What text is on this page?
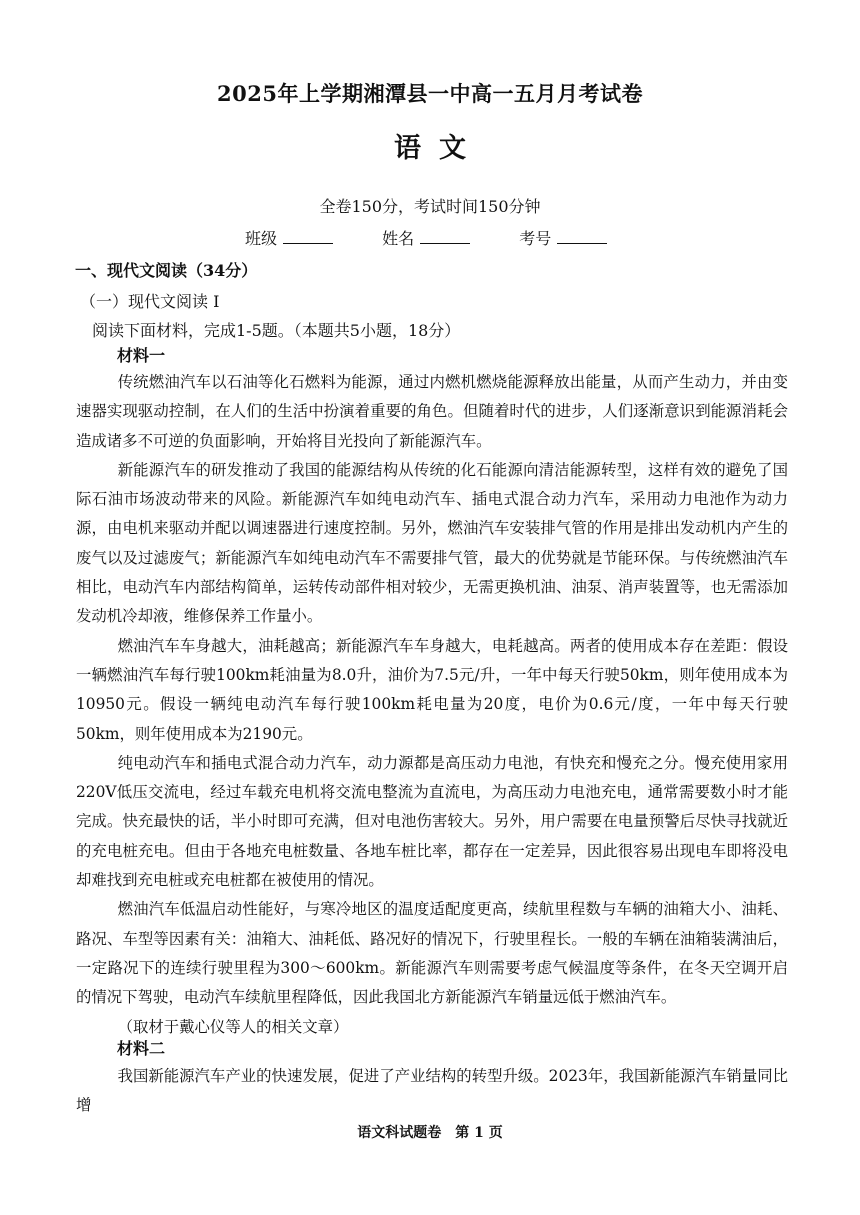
2025年上学期湘潭县一中高一五月月考试卷
语文
全卷150分，考试时间150分钟
班级	姓名	考号
一、现代文阅读（34分）
（一）现代文阅读 I
阅读下面材料，完成1-5题。（本题共5小题，18分）
材料一

传统燃油汽车以石油等化石燃料为能源，通过内燃机燃烧能源释放出能量，从而产生动力，并由变速器实现驱动控制，在人们的生活中扮演着重要的角色。但随着时代的进步，人们逐渐意识到能源消耗会造成诸多不可逆的负面影响，开始将目光投向了新能源汽车。

新能源汽车的研发推动了我国的能源结构从传统的化石能源向清洁能源转型，这样有效的避免了国际石油市场波动带来的风险。新能源汽车如纯电动汽车、插电式混合动力汽车，采用动力电池作为动力源，由电机来驱动并配以调速器进行速度控制。另外，燃油汽车安装排气管的作用是排出发动机内产生的废气以及过滤废气；新能源汽车如纯电动汽车不需要排气管，最大的优势就是节能环保。与传统燃油汽车相比，电动汽车内部结构简单，运转传动部件相对较少，无需更换机油、油泵、消声装置等，也无需添加发动机冷却液，维修保养工作量小。

燃油汽车车身越大，油耗越高；新能源汽车车身越大，电耗越高。两者的使用成本存在差距：假设一辆燃油汽车每行驶100km耗油量为8.0升，油价为7.5元/升，一年中每天行驶50km，则年使用成本为10950元。假设一辆纯电动汽车每行驶100km耗电量为20度，电价为0.6元/度，一年中每天行驶50km，则年使用成本为2190元。

纯电动汽车和插电式混合动力汽车，动力源都是高压动力电池，有快充和慢充之分。慢充使用家用220V低压交流电，经过车载充电机将交流电整流为直流电，为高压动力电池充电，通常需要数小时才能完成。快充最快的话，半小时即可充满，但对电池伤害较大。另外，用户需要在电量预警后尽快寻找就近的充电桩充电。但由于各地充电桩数量、各地车桩比率，都存在一定差异，因此很容易出现电车即将没电却难找到充电桩或充电桩都在被使用的情况。

燃油汽车低温启动性能好，与寒冷地区的温度适配度更高，续航里程数与车辆的油箱大小、油耗、路况、车型等因素有关：油箱大、油耗低、路况好的情况下，行驶里程长。一般的车辆在油箱装满油后，一定路况下的连续行驶里程为300～600km。新能源汽车则需要考虑气候温度等条件，在冬天空调开启的情况下驾驶，电动汽车续航里程降低，因此我国北方新能源汽车销量远低于燃油汽车。

（取材于戴心仪等人的相关文章）

材料二

我国新能源汽车产业的快速发展，促进了产业结构的转型升级。2023年，我国新能源汽车销量同比增

语文科试题卷　第 1 页
